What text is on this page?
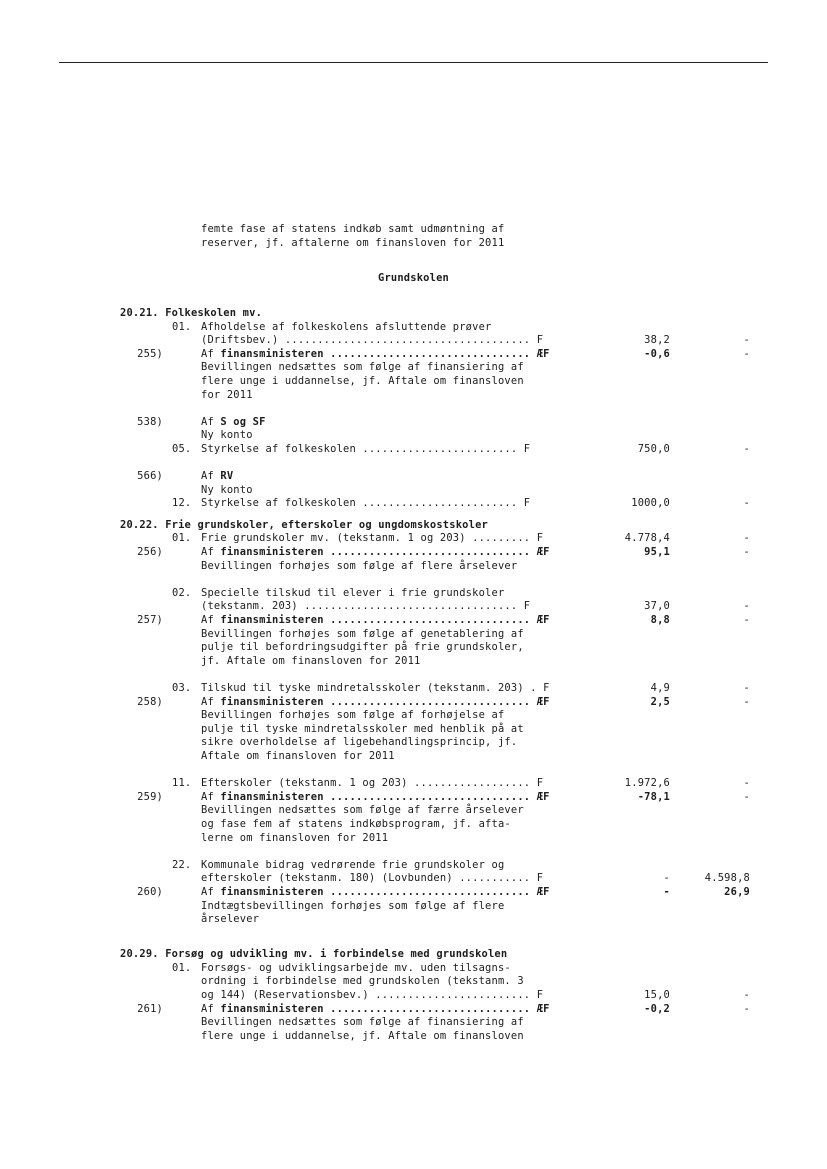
femte fase af statens indkøb samt udmøntning af
reserver, jf. aftalerne om finansloven for 2011
Grundskolen
20.21. Folkeskolen mv.
01. Afholdelse af folkeskolens afsluttende prøver
(Driftsbev.) ...................................... F	38,2	-
255)	Af finansministeren ............................... ÆF	-0,6	-
Bevillingen nedsættes som følge af finansiering af
flere unge i uddannelse, jf. Aftale om finansloven
for 2011
538)	Af S og SF
Ny konto
05. Styrkelse af folkeskolen ........................ F	750,0	-
566)	Af RV
Ny konto
12. Styrkelse af folkeskolen ........................ F	1000,0	-
20.22. Frie grundskoler, efterskoler og ungdomskostskoler
01. Frie grundskoler mv. (tekstanm. 1 og 203) ......... F	4.778,4	-
256)	Af finansministeren ............................... ÆF	95,1	-
Bevillingen forhøjes som følge af flere årselever
02. Specielle tilskud til elever i frie grundskoler
(tekstanm. 203) ................................. F	37,0	-
257)	Af finansministeren ............................... ÆF	8,8	-
Bevillingen forhøjes som følge af genetablering af
pulje til befordringsudgifter på frie grundskoler,
jf. Aftale om finansloven for 2011
03. Tilskud til tyske mindretalsskoler (tekstanm. 203) . F	4,9	-
258)	Af finansministeren ............................... ÆF	2,5	-
Bevillingen forhøjes som følge af forhøjelse af
pulje til tyske mindretalsskoler med henblik på at
sikre overholdelse af ligebehandlingsprincip, jf.
Aftale om finansloven for 2011
11. Efterskoler (tekstanm. 1 og 203) .................. F	1.972,6	-
259)	Af finansministeren ............................... ÆF	-78,1	-
Bevillingen nedsættes som følge af færre årselever
og fase fem af statens indkøbsprogram, jf. afta-
lerne om finansloven for 2011
22. Kommunale bidrag vedrørende frie grundskoler og
efterskoler (tekstanm. 180) (Lovbunden) ........... F	-	4.598,8
260)	Af finansministeren ............................... ÆF	-	26,9
Indtægtsbevillingen forhøjes som følge af flere
årselever
20.29. Forsøg og udvikling mv. i forbindelse med grundskolen
01. Forsøgs- og udviklingsarbejde mv. uden tilsagns-
ordning i forbindelse med grundskolen (tekstanm. 3
og 144) (Reservationsbev.) ........................ F	15,0	-
261)	Af finansministeren ............................... ÆF	-0,2	-
Bevillingen nedsættes som følge af finansiering af
flere unge i uddannelse, jf. Aftale om finansloven
